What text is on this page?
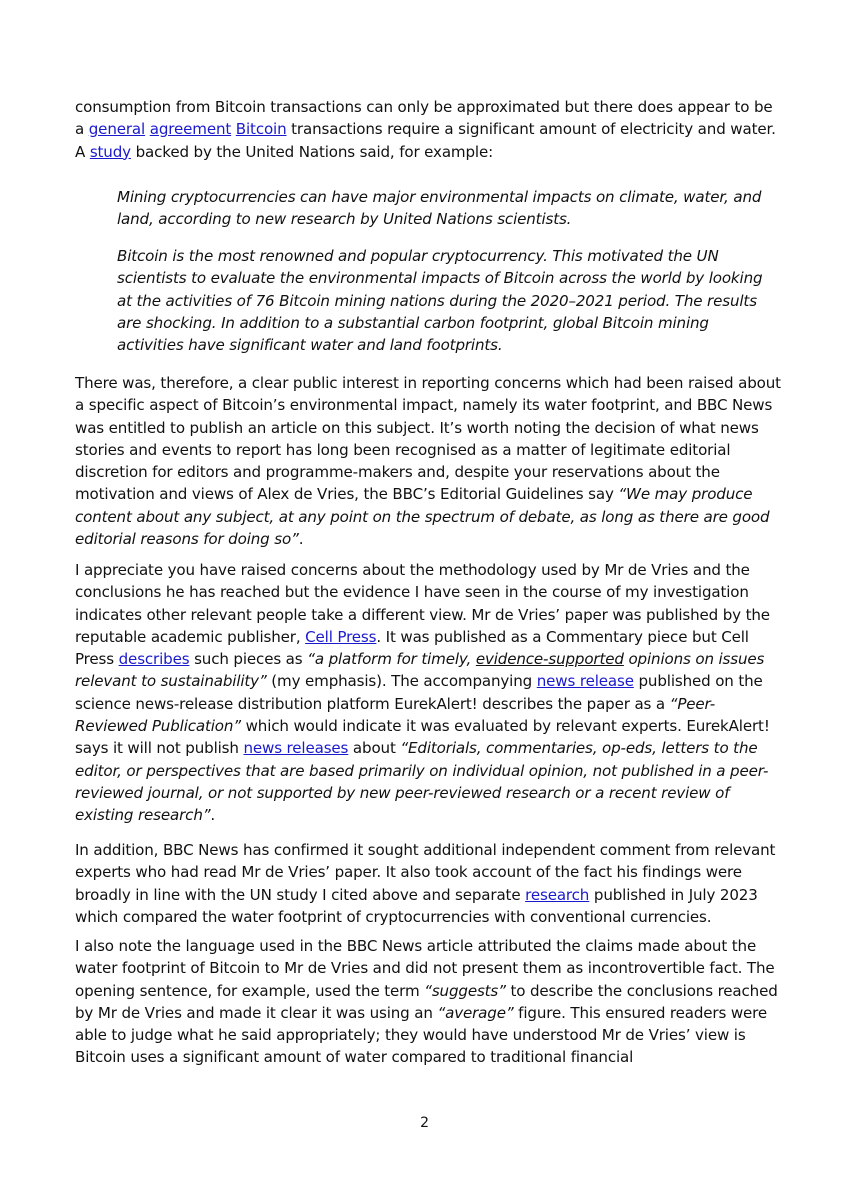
consumption from Bitcoin transactions can only be approximated but there does appear to be a general agreement Bitcoin transactions require a significant amount of electricity and water. A study backed by the United Nations said, for example:

Mining cryptocurrencies can have major environmental impacts on climate, water, and land, according to new research by United Nations scientists.

Bitcoin is the most renowned and popular cryptocurrency. This motivated the UN scientists to evaluate the environmental impacts of Bitcoin across the world by looking at the activities of 76 Bitcoin mining nations during the 2020–2021 period. The results are shocking. In addition to a substantial carbon footprint, global Bitcoin mining activities have significant water and land footprints.

There was, therefore, a clear public interest in reporting concerns which had been raised about a specific aspect of Bitcoin’s environmental impact, namely its water footprint, and BBC News was entitled to publish an article on this subject. It’s worth noting the decision of what news stories and events to report has long been recognised as a matter of legitimate editorial discretion for editors and programme-makers and, despite your reservations about the motivation and views of Alex de Vries, the BBC’s Editorial Guidelines say “We may produce content about any subject, at any point on the spectrum of debate, as long as there are good editorial reasons for doing so”.

I appreciate you have raised concerns about the methodology used by Mr de Vries and the conclusions he has reached but the evidence I have seen in the course of my investigation indicates other relevant people take a different view. Mr de Vries’ paper was published by the reputable academic publisher, Cell Press. It was published as a Commentary piece but Cell Press describes such pieces as “a platform for timely, evidence-supported opinions on issues relevant to sustainability” (my emphasis). The accompanying news release published on the science news-release distribution platform EurekAlert! describes the paper as a “Peer-Reviewed Publication” which would indicate it was evaluated by relevant experts. EurekAlert! says it will not publish news releases about “Editorials, commentaries, op-eds, letters to the editor, or perspectives that are based primarily on individual opinion, not published in a peer-reviewed journal, or not supported by new peer-reviewed research or a recent review of existing research”.

In addition, BBC News has confirmed it sought additional independent comment from relevant experts who had read Mr de Vries’ paper. It also took account of the fact his findings were broadly in line with the UN study I cited above and separate research published in July 2023 which compared the water footprint of cryptocurrencies with conventional currencies.

I also note the language used in the BBC News article attributed the claims made about the water footprint of Bitcoin to Mr de Vries and did not present them as incontrovertible fact. The opening sentence, for example, used the term “suggests” to describe the conclusions reached by Mr de Vries and made it clear it was using an “average” figure. This ensured readers were able to judge what he said appropriately; they would have understood Mr de Vries’ view is Bitcoin uses a significant amount of water compared to traditional financial

2
